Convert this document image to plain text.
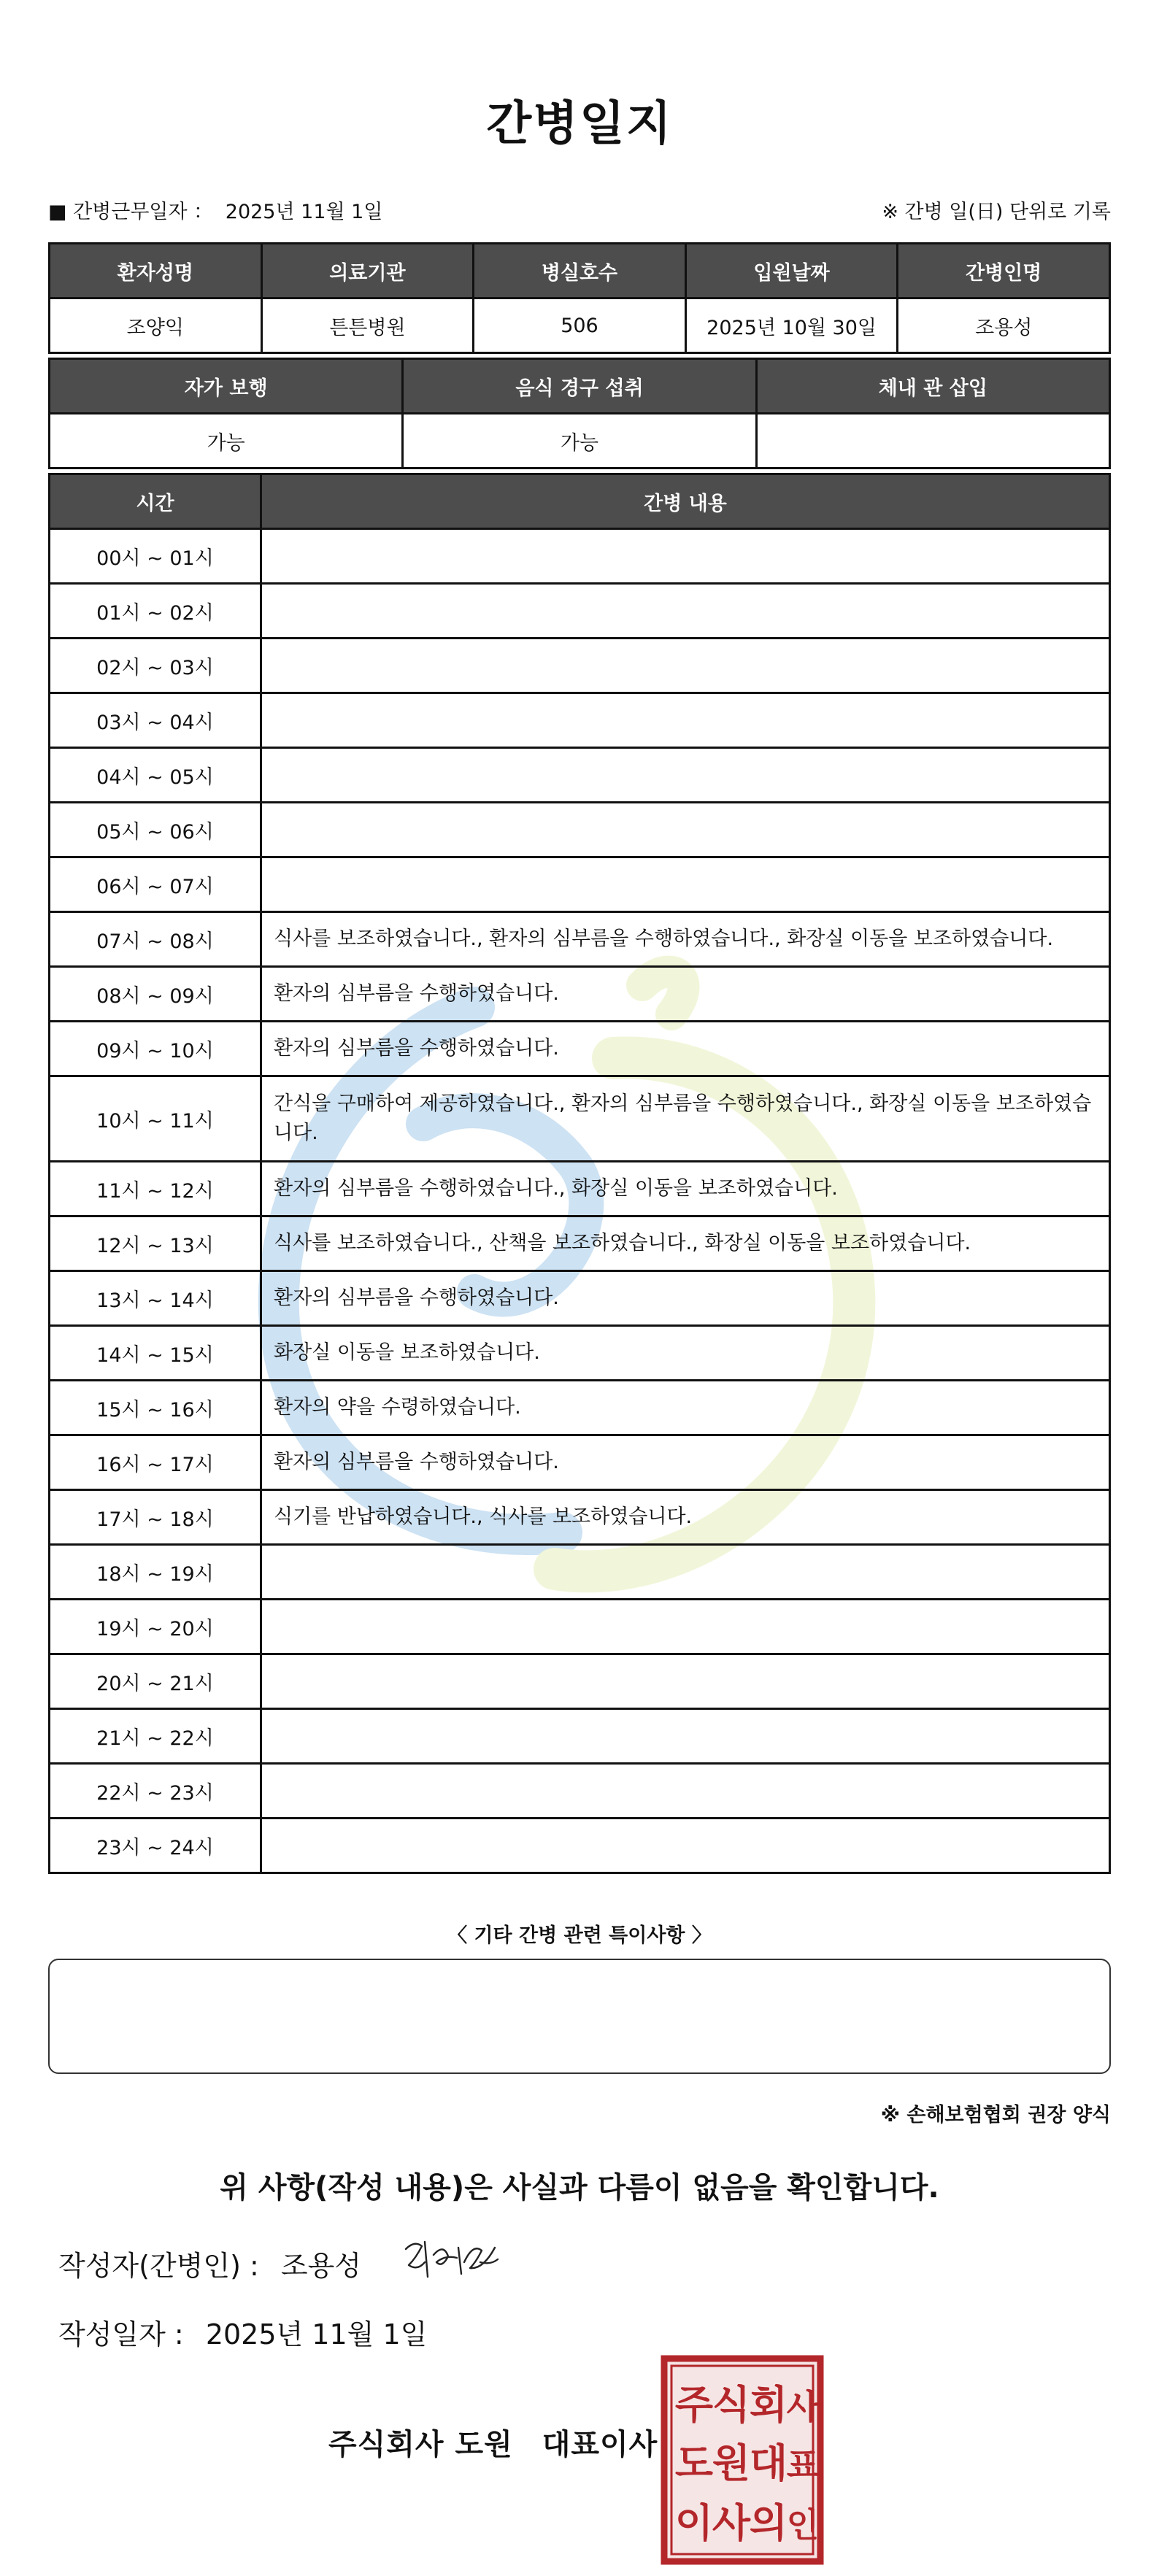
간병일지
■ 간병근무일자 ： 2025년 11월 1일	※ 간병 일(日) 단위로 기록
환자성명	의료기관	병실호수	입원날짜	간병인명
조양익	튼튼병원	506	2025년 10월 30일	조용성
자가 보행	음식 경구 섭취	체내 관 삽입
가능	가능	
시간	간병 내용
00시 ~ 01시	
01시 ~ 02시	
02시 ~ 03시	
03시 ~ 04시	
04시 ~ 05시	
05시 ~ 06시	
06시 ~ 07시	
07시 ~ 08시	식사를 보조하였습니다., 환자의 심부름을 수행하였습니다., 화장실 이동을 보조하였습니다.
08시 ~ 09시	환자의 심부름을 수행하였습니다.
09시 ~ 10시	환자의 심부름을 수행하였습니다.
10시 ~ 11시	간식을 구매하여 제공하였습니다., 환자의 심부름을 수행하였습니다., 화장실 이동을 보조하였습니다.
11시 ~ 12시	환자의 심부름을 수행하였습니다., 화장실 이동을 보조하였습니다.
12시 ~ 13시	식사를 보조하였습니다., 산책을 보조하였습니다., 화장실 이동을 보조하였습니다.
13시 ~ 14시	환자의 심부름을 수행하였습니다.
14시 ~ 15시	화장실 이동을 보조하였습니다.
15시 ~ 16시	환자의 약을 수령하였습니다.
16시 ~ 17시	환자의 심부름을 수행하였습니다.
17시 ~ 18시	식기를 반납하였습니다., 식사를 보조하였습니다.
18시 ~ 19시	
19시 ~ 20시	
20시 ~ 21시	
21시 ~ 22시	
22시 ~ 23시	
23시 ~ 24시	
〈 기타 간병 관련 특이사항 〉
※ 손해보험협회 권장 양식
위 사항(작성 내용)은 사실과 다름이 없음을 확인합니다.
작성자(간병인) : 조용성
작성일자 : 2025년 11월 1일
주식회사 도원 대표이사
주
식
회
사
도
원
대
표
이
사
의
인
